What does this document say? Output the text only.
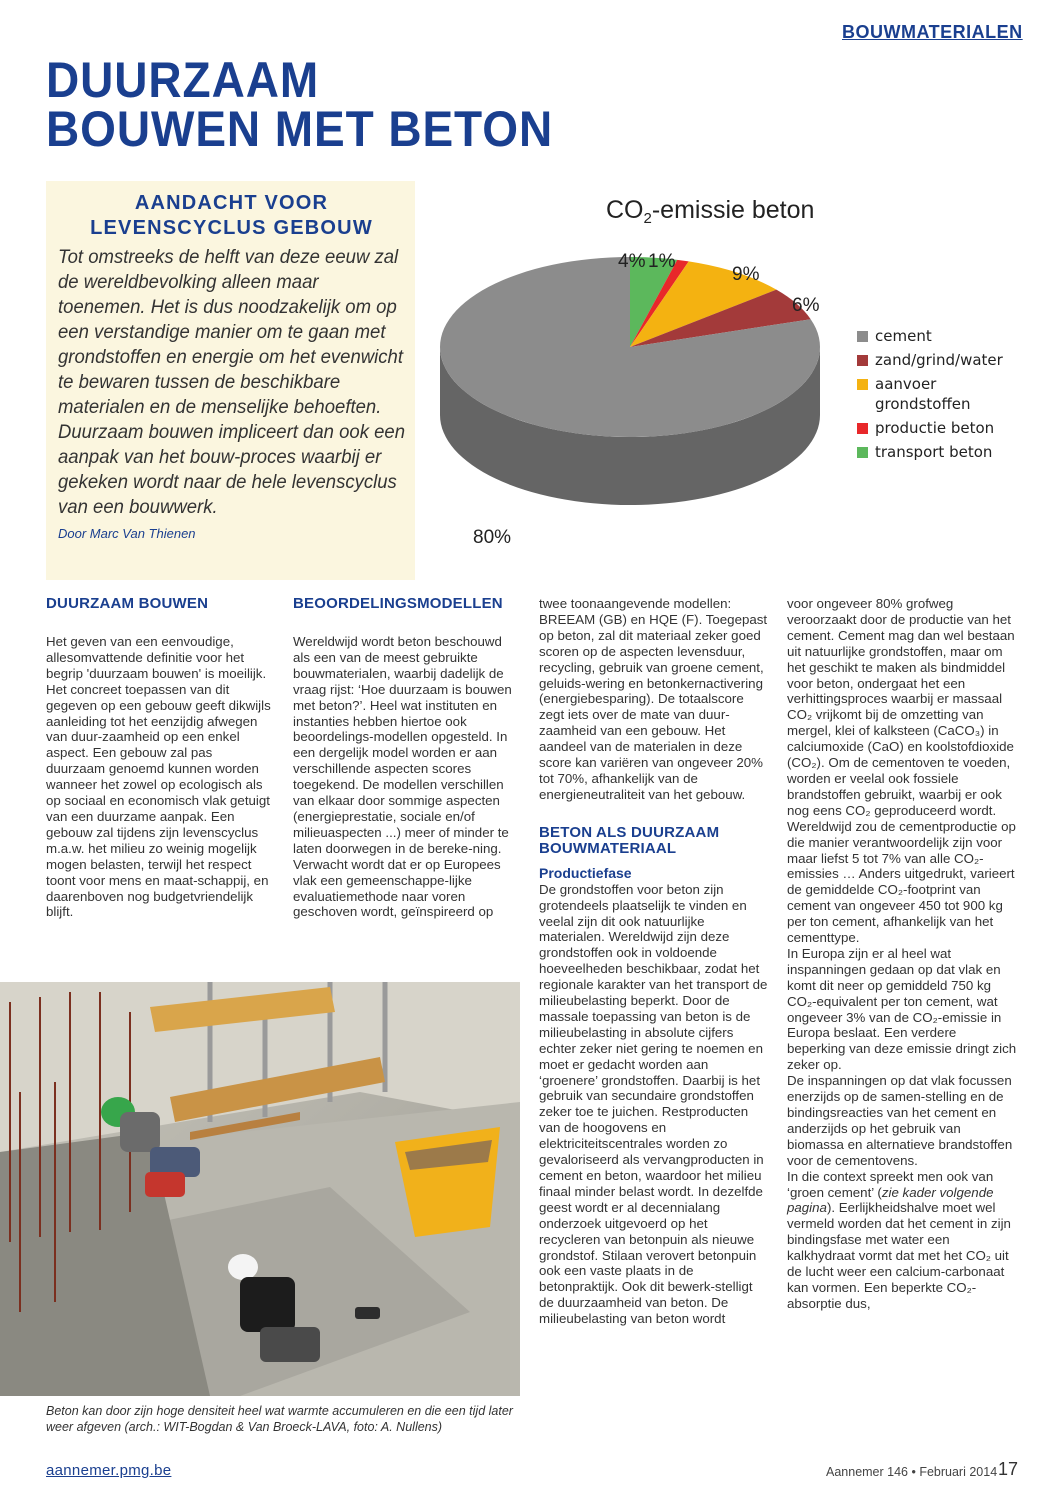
BOUWMATERIALEN
DUURZAAM
BOUWEN MET BETON
AANDACHT VOOR
LEVENSCYCLUS GEBOUW

Tot omstreeks de helft van deze eeuw zal de wereldbevolking alleen maar toenemen. Het is dus noodzakelijk om op een verstandige manier om te gaan met grondstoffen en energie om het evenwicht te bewaren tussen de beschikbare materialen en de menselijke behoeften. Duurzaam bouwen impliceert dan ook een aanpak van het bouw-proces waarbij er gekeken wordt naar de hele levenscyclus van een bouwwerk.

Door Marc Van Thienen
$CO_2$-emissie beton
80%
6%
9%
1%
4%
cement
zand/grind/water
aanvoer
grondstoffen
productie beton
transport beton
DUURZAAM BOUWEN

Het geven van een eenvoudige, allesomvattende definitie voor het begrip 'duurzaam bouwen' is moeilijk. Het concreet toepassen van dit gegeven op een gebouw geeft dikwijls aanleiding tot het eenzijdig afwegen van duur-zaamheid op een enkel aspect. Een gebouw zal pas duurzaam genoemd kunnen worden wanneer het zowel op ecologisch als op sociaal en economisch vlak getuigt van een duurzame aanpak. Een gebouw zal tijdens zijn levenscyclus m.a.w. het milieu zo weinig mogelijk mogen belasten, terwijl het respect toont voor mens en maat-schappij, en daarenboven nog budgetvriendelijk blijft.

BEOORDELINGSMODELLEN

Wereldwijd wordt beton beschouwd als een van de meest gebruikte bouwmaterialen, waarbij dadelijk de vraag rijst: ‘Hoe duurzaam is bouwen met beton?’. Heel wat instituten en instanties hebben hiertoe ook beoordelings-modellen opgesteld. In een dergelijk model worden er aan verschillende aspecten scores toegekend. De modellen verschillen van elkaar door sommige aspecten (energieprestatie, sociale en/of milieuaspecten ...) meer of minder te laten doorwegen in de bereke-ning. Verwacht wordt dat er op Europees vlak een gemeenschappe-lijke evaluatiemethode naar voren geschoven wordt, geïnspireerd op

twee toonaangevende modellen: BREEAM (GB) en HQE (F). Toegepast op beton, zal dit materiaal zeker goed scoren op de aspecten levensduur, recycling, gebruik van groene cement, geluids-wering en betonkernactivering (energiebesparing). De totaalscore zegt iets over de mate van duur-zaamheid van een gebouw. Het aandeel van de materialen in deze score kan variëren van ongeveer 20% tot 70%, afhankelijk van de energieneutraliteit van het gebouw.

BETON ALS DUURZAAM
BOUWMATERIAAL

Productiefase

De grondstoffen voor beton zijn grotendeels plaatselijk te vinden en veelal zijn dit ook natuurlijke materialen. Wereldwijd zijn deze grondstoffen ook in voldoende hoeveelheden beschikbaar, zodat het regionale karakter van het transport de milieubelasting beperkt. Door de massale toepassing van beton is de milieubelasting in absolute cijfers echter zeker niet gering te noemen en moet er gedacht worden aan ‘groenere’ grondstoffen. Daarbij is het gebruik van secundaire grondstoffen zeker toe te juichen. Restproducten van de hoogovens en elektriciteitscentrales worden zo gevaloriseerd als vervangproducten in cement en beton, waardoor het milieu finaal minder belast wordt. In dezelfde geest wordt er al decennialang onderzoek uitgevoerd op het recycleren van betonpuin als nieuwe grondstof. Stilaan verovert betonpuin ook een vaste plaats in de betonpraktijk. Ook dit bewerk-stelligt de duurzaamheid van beton. De milieubelasting van beton wordt

voor ongeveer 80% grofweg veroorzaakt door de productie van het cement. Cement mag dan wel bestaan uit natuurlijke grondstoffen, maar om het geschikt te maken als bindmiddel voor beton, ondergaat het een verhittingsproces waarbij er massaal CO₂ vrijkomt bij de omzetting van mergel, klei of kalksteen (CaCO₃) in calciumoxide (CaO) en koolstofdioxide (CO₂). Om de cementoven te voeden, worden er veelal ook fossiele brandstoffen gebruikt, waarbij er ook nog eens CO₂ geproduceerd wordt. Wereldwijd zou de cementproductie op die manier verantwoordelijk zijn voor maar liefst 5 tot 7% van alle CO₂-emissies … Anders uitgedrukt, varieert de gemiddelde CO₂-footprint van cement van ongeveer 450 tot 900 kg per ton cement, afhankelijk van het cementtype.

In Europa zijn er al heel wat inspanningen gedaan op dat vlak en komt dit neer op gemiddeld 750 kg CO₂-equivalent per ton cement, wat ongeveer 3% van de CO₂-emissie in Europa beslaat. Een verdere beperking van deze emissie dringt zich zeker op.

De inspanningen op dat vlak focussen enerzijds op de samen-stelling en de bindingsreacties van het cement en anderzijds op het gebruik van biomassa en alternatieve brandstoffen voor de cementovens.

In die context spreekt men ook van ‘groen cement’ (zie kader volgende pagina). Eerlijkheidshalve moet wel vermeld worden dat het cement in zijn bindingsfase met water een kalkhydraat vormt dat met het CO₂ uit de lucht weer een calcium-carbonaat kan vormen. Een beperkte CO₂-absorptie dus,

Beton kan door zijn hoge densiteit heel wat warmte accumuleren en die een tijd later weer afgeven (arch.: WIT-Bogdan & Van Broeck-LAVA, foto: A. Nullens)
aannemer.pmg.be	Aannemer 146 • Februari 2014 17
